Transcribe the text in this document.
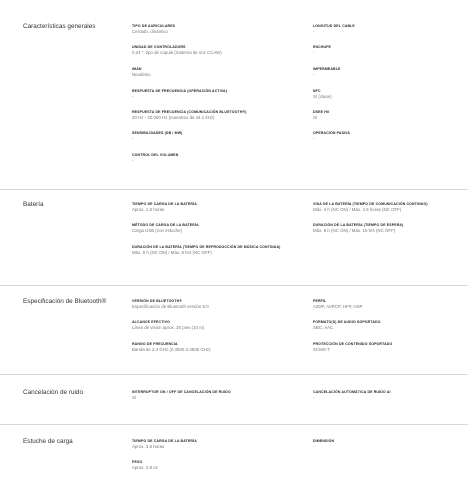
Características generales	TIPO DE AURICULARES
Cerrado, dinámico
UNIDAD DE CONTROLADORS
0.24 ", tipo de cúpula (Sistema de voz CCAW)
IMÁN
Neodimio
RESPUESTA DE FRECUENCIA (OPERACIÓN ACTIVA)
-
RESPUESTA DE FRECUENCIA (COMUNICACIÓN BLUETOOTH®)
20 Hz - 20.000 Hz (muestreo de 44.1 kHz)
SENSIBILIDADES (DB / MW)
-
CONTROL DEL VOLUMEN
-
LONGITUD DEL CABLE
-
ENCHUFE
-
IMPERMEABLE
-
NFC
Sí (clase)
DSEE HX
Sí
OPERACIÓN PASIVA
-
Batería	TIEMPO DE CARGA DE LA BATERÍA
Aprox. 1.5 horas
MÉTODO DE CARGA DE LA BATERÍA
Carga USB (con estuche)
DURACIÓN DE LA BATERÍA (TIEMPO DE REPRODUCCIÓN DE MÚSICA CONTINUA)
Máx. 6 h (NC ON) / Máx. 8 hrs (NC OFF)
VIDA DE LA BATERÍA (TIEMPO DE COMUNICACIÓN CONTINUO)
Máx. 4 h (NC ON) / Máx. 4.5 horas (NC OFF)
DURACIÓN DE LA BATERÍA (TIEMPO DE ESPERA)
Máx. 9 h (NC ON) / Máx. 15 hrs (NC OFF)
Especificación de Bluetooth®	VERSIÓN DE BLUETOOTH®
Especificación de Bluetooth versión 5.0
ALCANCE EFECTIVO
Línea de visión aprox. 30 pies (10 m)
RANGO DE FRECUENCIA
Banda de 2.4 GHz (2.4000-2.4835 GHz)
PERFIL
A2DP, AVRCP, HFP, HSP
FORMATO(S) DE AUDIO SOPORTADO
SBC, AAC
PROTECCIÓN DE CONTENIDO SOPORTADO
SCMS-T
Cancelación de ruido	INTERRUPTOR ON / OFF DE CANCELACIÓN DE RUIDO
Sí
CANCELACIÓN AUTOMÁTICA DE RUIDO AI
-
Estuche de carga	TIEMPO DE CARGA DE LA BATERÍA
Aprox. 3.5 horas
PESO
Aprox. 2.8 oz
DIMENSIÓN
-
